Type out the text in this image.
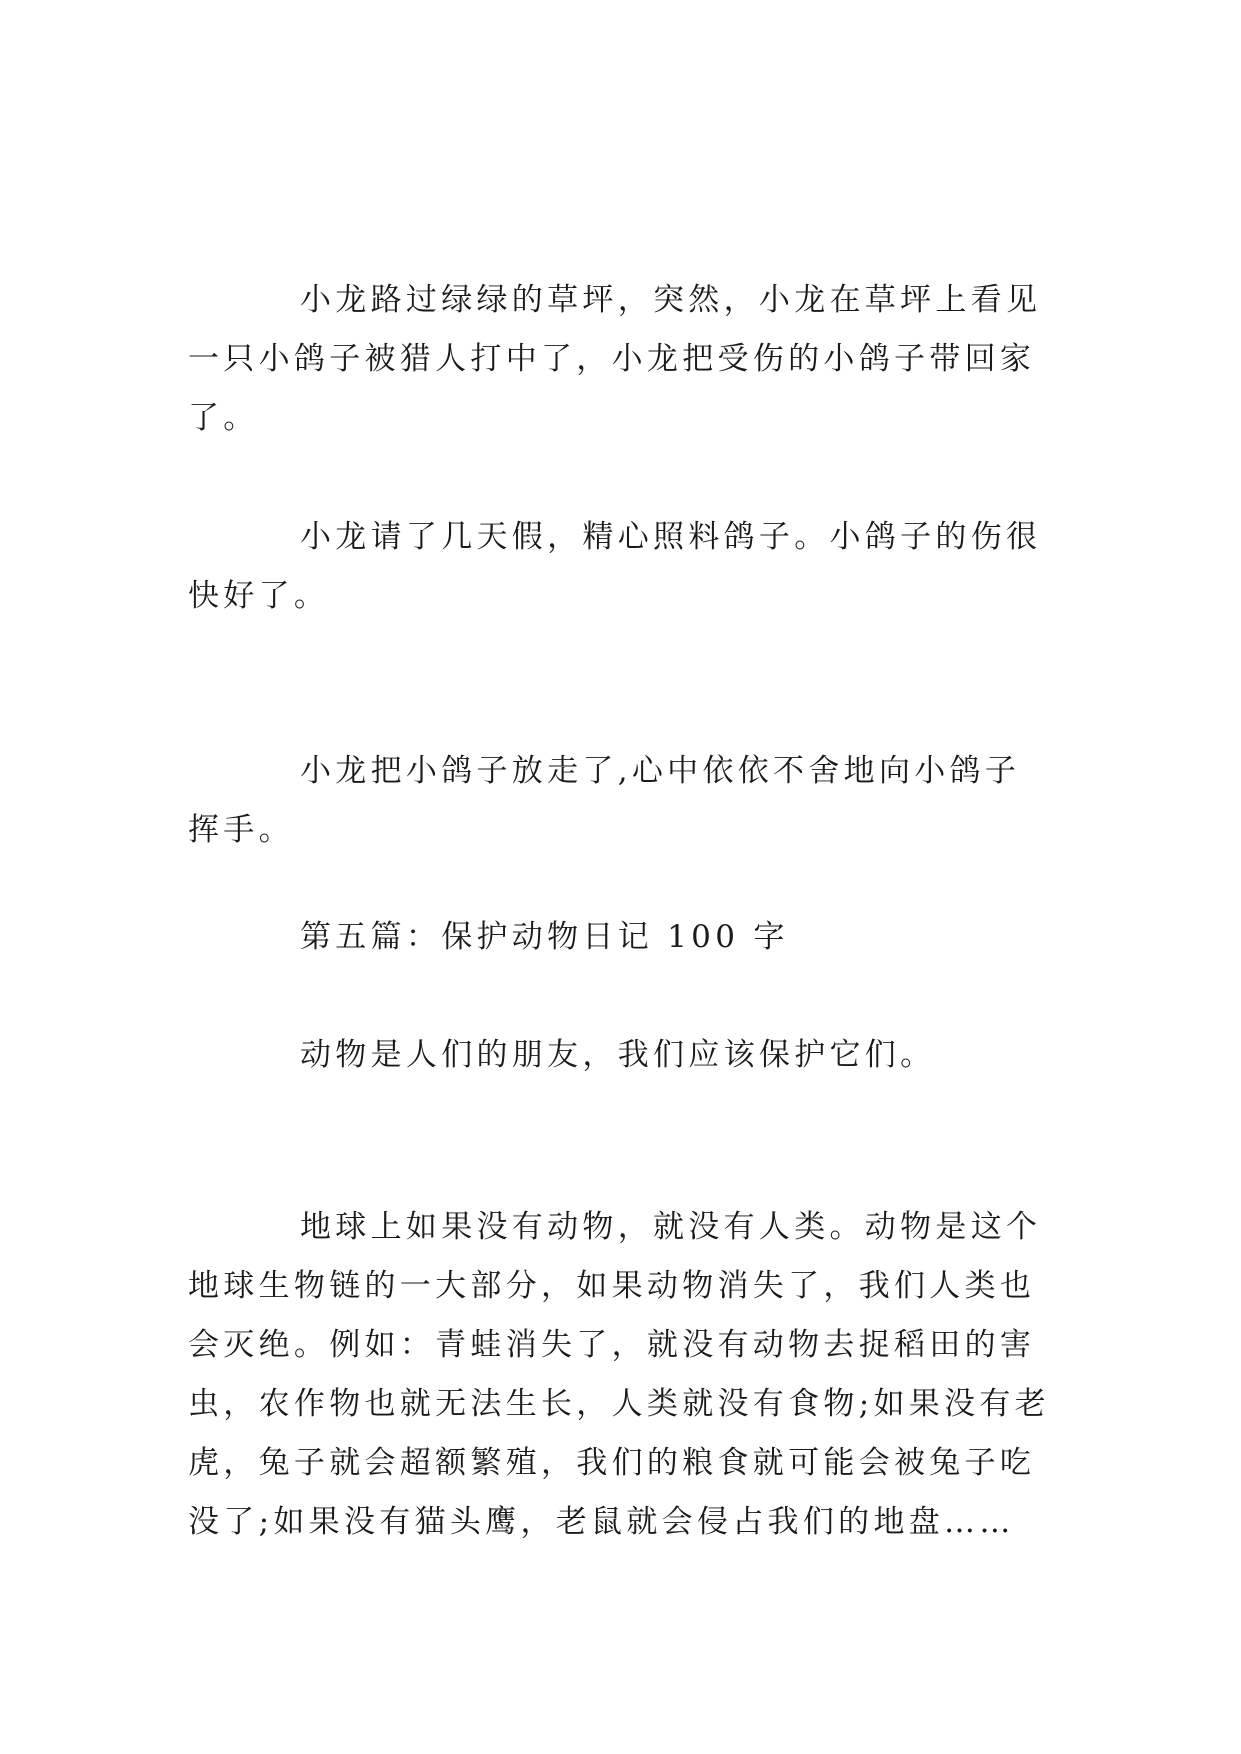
小龙路过绿绿的草坪，突然，小龙在草坪上看见一只小鸽子被猎人打中了，小龙把受伤的小鸽子带回家了。

小龙请了几天假，精心照料鸽子。小鸽子的伤很快好了。

小龙把小鸽子放走了,心中依依不舍地向小鸽子挥手。

第五篇：保护动物日记 100 字

动物是人们的朋友，我们应该保护它们。

地球上如果没有动物，就没有人类。动物是这个地球生物链的一大部分，如果动物消失了，我们人类也会灭绝。例如：青蛙消失了，就没有动物去捉稻田的害虫，农作物也就无法生长，人类就没有食物;如果没有老虎，兔子就会超额繁殖，我们的粮食就可能会被兔子吃没了;如果没有猫头鹰，老鼠就会侵占我们的地盘……
